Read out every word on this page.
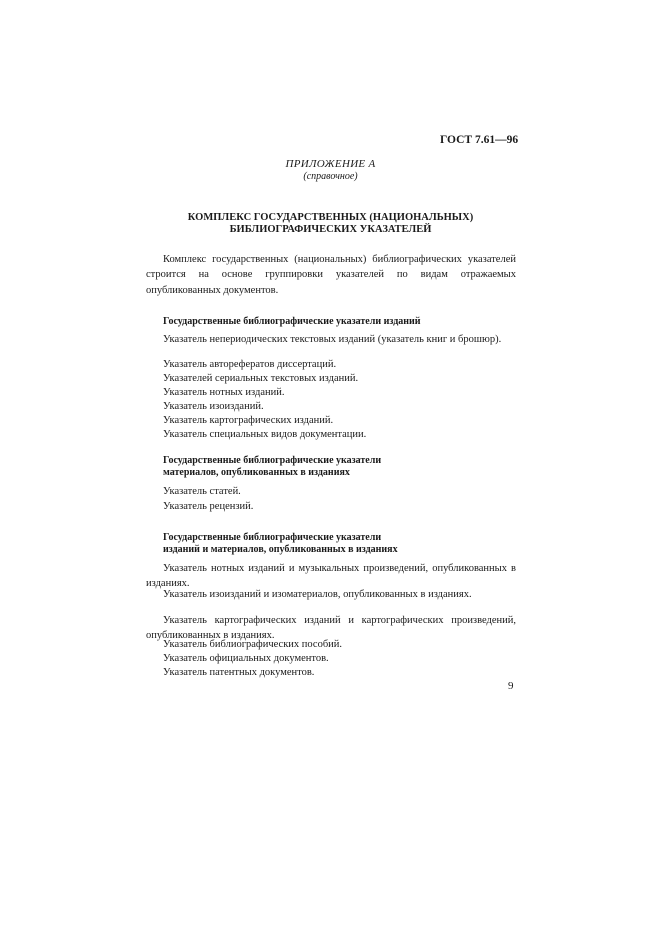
ГОСТ 7.61—96
ПРИЛОЖЕНИЕ А
(справочное)
КОМПЛЕКС ГОСУДАРСТВЕННЫХ (НАЦИОНАЛЬНЫХ)
БИБЛИОГРАФИЧЕСКИХ УКАЗАТЕЛЕЙ

Комплекс государственных (национальных) библиографических указателей строится на основе группировки указателей по видам отражаемых опубликованных документов.

Государственные библиографические указатели изданий

Указатель непериодических текстовых изданий (указатель книг и брошюр).

Указатель авторефератов диссертаций.
Указателей сериальных текстовых изданий.
Указатель нотных изданий.
Указатель изоизданий.
Указатель картографических изданий.
Указатель специальных видов документации.
Государственные библиографические указатели
материалов, опубликованных в изданиях
Указатель статей.
Указатель рецензий.
Государственные библиографические указатели
изданий и материалов, опубликованных в изданиях

Указатель нотных изданий и музыкальных произведений, опубликованных в изданиях.

Указатель изоизданий и изоматериалов, опубликованных в изданиях.

Указатель картографических изданий и картографических произведений, опубликованных в изданиях.

Указатель библиографических пособий.
Указатель официальных документов.
Указатель патентных документов.
9
